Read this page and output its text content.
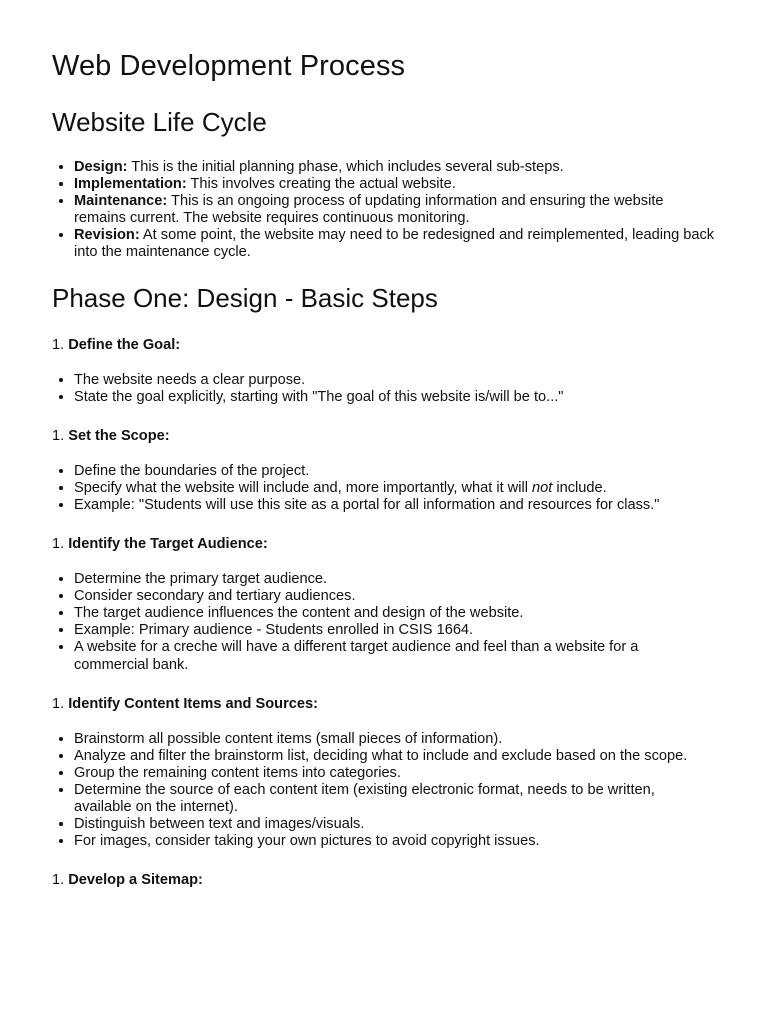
Web Development Process
Website Life Cycle
• Design: This is the initial planning phase, which includes several sub-steps.
• Implementation: This involves creating the actual website.
• Maintenance: This is an ongoing process of updating information and ensuring the website remains current. The website requires continuous monitoring.
• Revision: At some point, the website may need to be redesigned and reimplemented, leading back into the maintenance cycle.
Phase One: Design - Basic Steps

1. Define the Goal:

• The website needs a clear purpose.
• State the goal explicitly, starting with "The goal of this website is/will be to..."

1. Set the Scope:

• Define the boundaries of the project.
• Specify what the website will include and, more importantly, what it will not include.
• Example: "Students will use this site as a portal for all information and resources for class."

1. Identify the Target Audience:

• Determine the primary target audience.
• Consider secondary and tertiary audiences.
• The target audience influences the content and design of the website.
• Example: Primary audience - Students enrolled in CSIS 1664.
• A website for a creche will have a different target audience and feel than a website for a commercial bank.

1. Identify Content Items and Sources:

• Brainstorm all possible content items (small pieces of information).
• Analyze and filter the brainstorm list, deciding what to include and exclude based on the scope.
• Group the remaining content items into categories.
• Determine the source of each content item (existing electronic format, needs to be written, available on the internet).
• Distinguish between text and images/visuals.
• For images, consider taking your own pictures to avoid copyright issues.

1. Develop a Sitemap:
